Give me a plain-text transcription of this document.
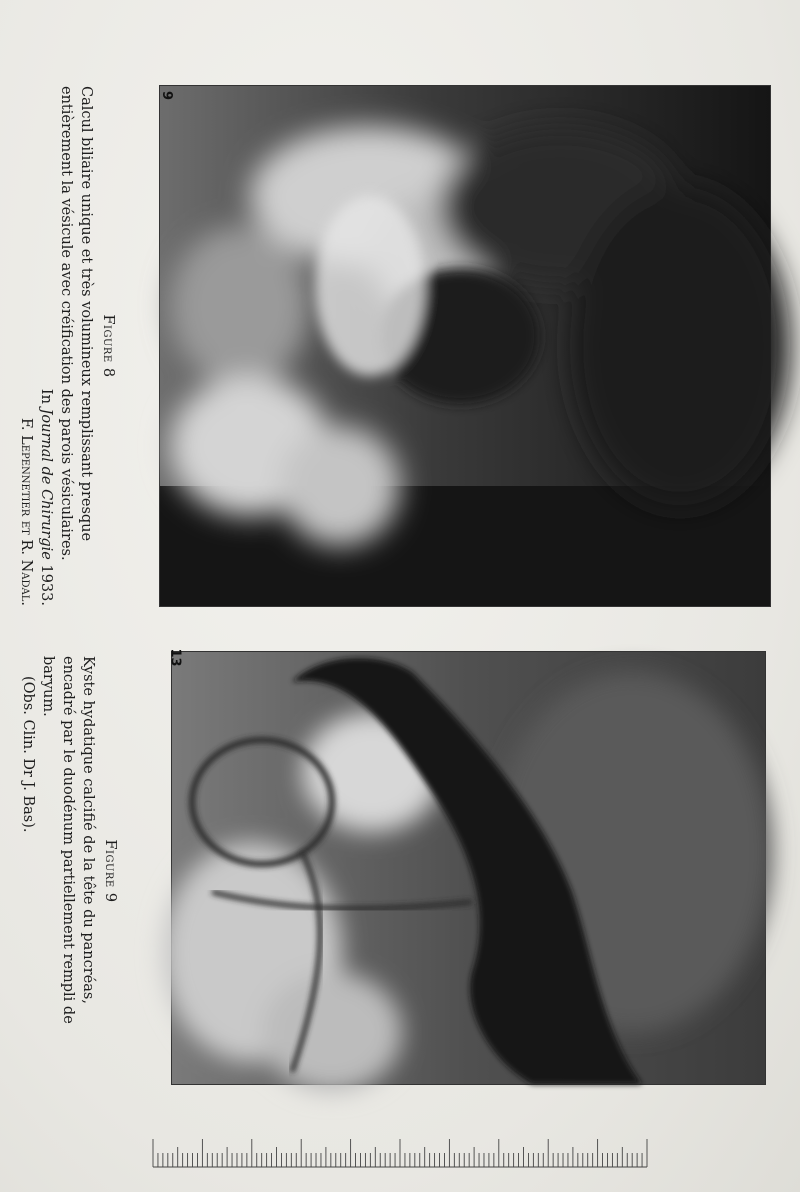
9
13
Figure 8
Calcul biliaire unique et très volumineux remplissant presque
entièrement la vésicule avec créification des parois vésiculaires.
In Journal de Chirurgie 1933.
F. Lepennetier et R. Nadal.
Figure 9
Kyste hydatique calcifié de la tête du pancréas,
encadré par le duodénum partiellement rempli de
baryum.
(Obs. Clin. Dr J. Bas).
